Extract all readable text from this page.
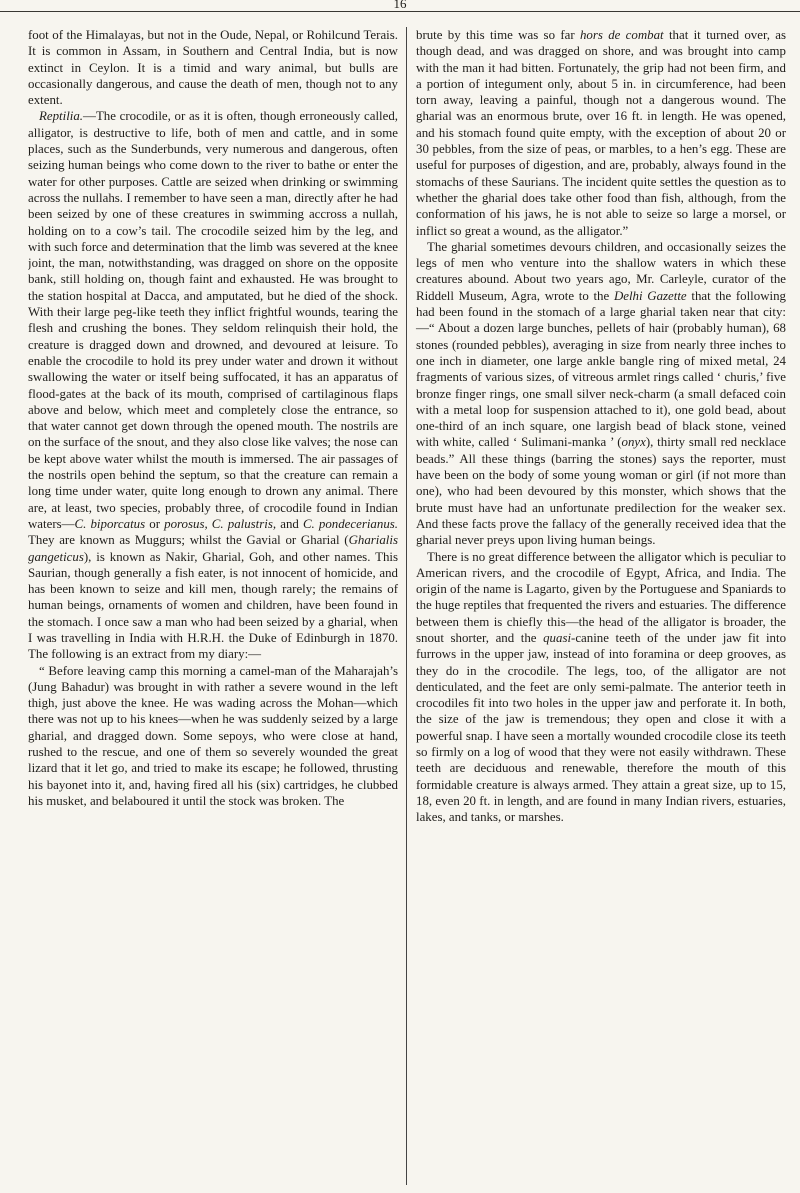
16

foot of the Himalayas, but not in the Oude, Nepal, or Rohilcund Terais. It is common in Assam, in Southern and Central India, but is now extinct in Ceylon. It is a timid and wary animal, but bulls are occasionally dangerous, and cause the death of men, though not to any extent.

Reptilia.—The crocodile, or as it is often, though erroneously called, alligator, is destructive to life, both of men and cattle, and in some places, such as the Sunderbunds, very numerous and dangerous, often seizing human beings who come down to the river to bathe or enter the water for other purposes. Cattle are seized when drinking or swimming across the nullahs. I remember to have seen a man, directly after he had been seized by one of these creatures in swimming accross a nullah, holding on to a cow’s tail. The crocodile seized him by the leg, and with such force and determination that the limb was severed at the knee joint, the man, notwithstanding, was dragged on shore on the opposite bank, still holding on, though faint and exhausted. He was brought to the station hospital at Dacca, and amputated, but he died of the shock. With their large peg-like teeth they inflict frightful wounds, tearing the flesh and crushing the bones. They seldom relinquish their hold, the creature is dragged down and drowned, and devoured at leisure. To enable the crocodile to hold its prey under water and drown it without swallowing the water or itself being suffocated, it has an apparatus of flood-gates at the back of its mouth, comprised of cartilaginous flaps above and below, which meet and completely close the entrance, so that water cannot get down through the opened mouth. The nostrils are on the surface of the snout, and they also close like valves; the nose can be kept above water whilst the mouth is immersed. The air passages of the nostrils open behind the septum, so that the creature can remain a long time under water, quite long enough to drown any animal. There are, at least, two species, probably three, of crocodile found in Indian waters—C. biporcatus or porosus, C. palustris, and C. pondecerianus. They are known as Muggurs; whilst the Gavial or Gharial (Gharialis gangeticus), is known as Nakir, Gharial, Goh, and other names. This Saurian, though generally a fish eater, is not innocent of homicide, and has been known to seize and kill men, though rarely; the remains of human beings, ornaments of women and children, have been found in the stomach. I once saw a man who had been seized by a gharial, when I was travelling in India with H.R.H. the Duke of Edinburgh in 1870. The following is an extract from my diary:—

“ Before leaving camp this morning a camel-man of the Maharajah’s (Jung Bahadur) was brought in with rather a severe wound in the left thigh, just above the knee. He was wading across the Mohan—which there was not up to his knees—when he was suddenly seized by a large gharial, and dragged down. Some sepoys, who were close at hand, rushed to the rescue, and one of them so severely wounded the great lizard that it let go, and tried to make its escape; he followed, thrusting his bayonet into it, and, having fired all his (six) cartridges, he clubbed his musket, and belaboured it until the stock was broken. The

brute by this time was so far hors de combat that it turned over, as though dead, and was dragged on shore, and was brought into camp with the man it had bitten. Fortunately, the grip had not been firm, and a portion of integument only, about 5 in. in circumference, had been torn away, leaving a painful, though not a dangerous wound. The gharial was an enormous brute, over 16 ft. in length. He was opened, and his stomach found quite empty, with the exception of about 20 or 30 pebbles, from the size of peas, or marbles, to a hen’s egg. These are useful for purposes of digestion, and are, probably, always found in the stomachs of these Saurians. The incident quite settles the question as to whether the gharial does take other food than fish, although, from the conformation of his jaws, he is not able to seize so large a morsel, or inflict so great a wound, as the alligator.”

The gharial sometimes devours children, and occasionally seizes the legs of men who venture into the shallow waters in which these creatures abound. About two years ago, Mr. Carleyle, curator of the Riddell Museum, Agra, wrote to the Delhi Gazette that the following had been found in the stomach of a large gharial taken near that city:—“ About a dozen large bunches, pellets of hair (probably human), 68 stones (rounded pebbles), averaging in size from nearly three inches to one inch in diameter, one large ankle bangle ring of mixed metal, 24 fragments of various sizes, of vitreous armlet rings called ‘ churis,’ five bronze finger rings, one small silver neck-charm (a small defaced coin with a metal loop for suspension attached to it), one gold bead, about one-third of an inch square, one largish bead of black stone, veined with white, called ‘ Sulimani-manka ’ (onyx), thirty small red necklace beads.” All these things (barring the stones) says the reporter, must have been on the body of some young woman or girl (if not more than one), who had been devoured by this monster, which shows that the brute must have had an unfortunate predilection for the weaker sex. And these facts prove the fallacy of the generally received idea that the gharial never preys upon living human beings.

There is no great difference between the alligator which is peculiar to American rivers, and the crocodile of Egypt, Africa, and India. The origin of the name is Lagarto, given by the Portuguese and Spaniards to the huge reptiles that frequented the rivers and estuaries. The difference between them is chiefly this—the head of the alligator is broader, the snout shorter, and the quasi-canine teeth of the under jaw fit into furrows in the upper jaw, instead of into foramina or deep grooves, as they do in the crocodile. The legs, too, of the alligator are not denticulated, and the feet are only semi-palmate. The anterior teeth in crocodiles fit into two holes in the upper jaw and perforate it. In both, the size of the jaw is tremendous; they open and close it with a powerful snap. I have seen a mortally wounded crocodile close its teeth so firmly on a log of wood that they were not easily withdrawn. These teeth are deciduous and renewable, therefore the mouth of this formidable creature is always armed. They attain a great size, up to 15, 18, even 20 ft. in length, and are found in many Indian rivers, estuaries, lakes, and tanks, or marshes.
